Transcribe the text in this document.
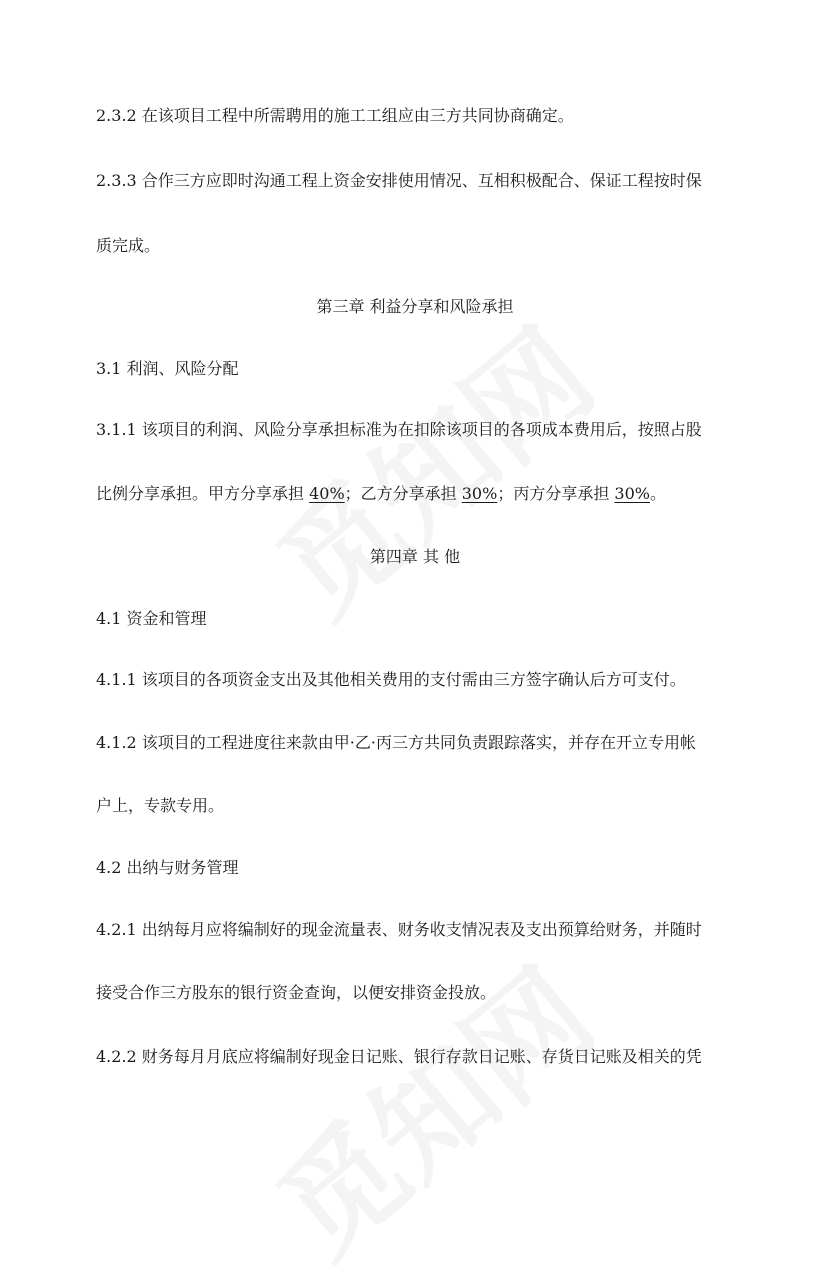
2.3.2 在该项目工程中所需聘用的施工工组应由三方共同协商确定。
2.3.3 合作三方应即时沟通工程上资金安排使用情况、互相积极配合、保证工程按时保
质完成。
第三章 利益分享和风险承担
3.1 利润、风险分配
3.1.1 该项目的利润、风险分享承担标准为在扣除该项目的各项成本费用后，按照占股
比例分享承担。甲方分享承担 40%；乙方分享承担 30%；丙方分享承担 30%。
第四章 其 他
4.1 资金和管理
4.1.1 该项目的各项资金支出及其他相关费用的支付需由三方签字确认后方可支付。
4.1.2 该项目的工程进度往来款由甲·乙·丙三方共同负责跟踪落实，并存在开立专用帐
户上，专款专用。
4.2 出纳与财务管理
4.2.1 出纳每月应将编制好的现金流量表、财务收支情况表及支出预算给财务，并随时
接受合作三方股东的银行资金查询，以便安排资金投放。
4.2.2 财务每月月底应将编制好现金日记账、银行存款日记账、存货日记账及相关的凭
